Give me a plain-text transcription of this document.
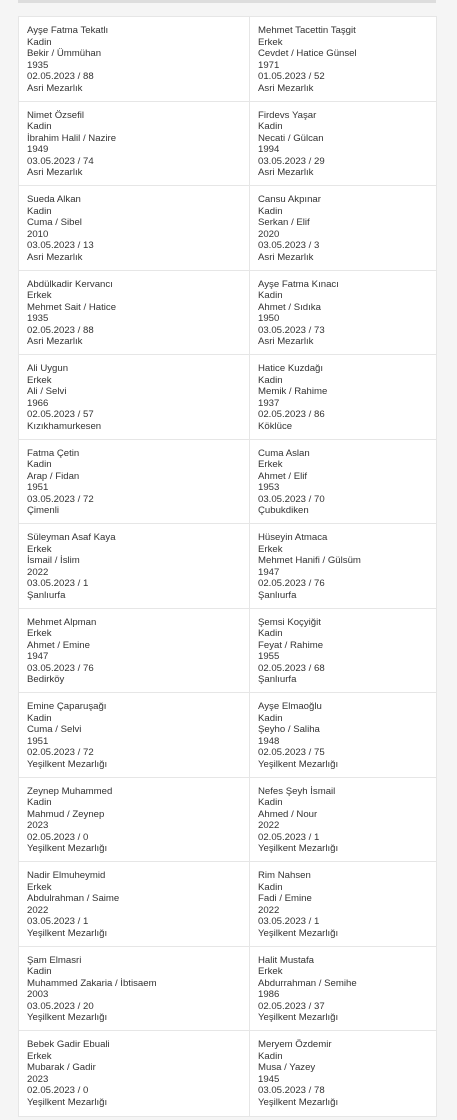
Ayşe Fatma Tekatlı
Kadin
Bekir / Ümmühan
1935
02.05.2023 / 88
Asri Mezarlık
Mehmet Tacettin Taşgit
Erkek
Cevdet / Hatice Günsel
1971
01.05.2023 / 52
Asri Mezarlık
Nimet Özsefil
Kadin
İbrahim Halil / Nazire
1949
03.05.2023 / 74
Asri Mezarlık
Firdevs Yaşar
Kadin
Necati / Gülcan
1994
03.05.2023 / 29
Asri Mezarlık
Sueda Alkan
Kadin
Cuma / Sibel
2010
03.05.2023 / 13
Asri Mezarlık
Cansu Akpınar
Kadin
Serkan / Elif
2020
03.05.2023 / 3
Asri Mezarlık
Abdülkadir Kervancı
Erkek
Mehmet Sait / Hatice
1935
02.05.2023 / 88
Asri Mezarlık
Ayşe Fatma Kınacı
Kadin
Ahmet / Sıdıka
1950
03.05.2023 / 73
Asri Mezarlık
Ali Uygun
Erkek
Ali / Selvi
1966
02.05.2023 / 57
Kızıkhamurkesen
Hatice Kuzdağı
Kadin
Memik / Rahime
1937
02.05.2023 / 86
Köklüce
Fatma Çetin
Kadin
Arap / Fidan
1951
03.05.2023 / 72
Çimenli
Cuma Aslan
Erkek
Ahmet / Elif
1953
03.05.2023 / 70
Çubukdiken
Süleyman Asaf Kaya
Erkek
İsmail / İslim
2022
03.05.2023 / 1
Şanlıurfa
Hüseyin Atmaca
Erkek
Mehmet Hanifi / Gülsüm
1947
02.05.2023 / 76
Şanlıurfa
Mehmet Alpman
Erkek
Ahmet / Emine
1947
03.05.2023 / 76
Bedirköy
Şemsi Koçyiğit
Kadin
Feyat / Rahime
1955
02.05.2023 / 68
Şanlıurfa
Emine Çaparuşağı
Kadin
Cuma / Selvi
1951
02.05.2023 / 72
Yeşilkent Mezarlığı
Ayşe Elmaoğlu
Kadin
Şeyho / Saliha
1948
02.05.2023 / 75
Yeşilkent Mezarlığı
Zeynep Muhammed
Kadin
Mahmud / Zeynep
2023
02.05.2023 / 0
Yeşilkent Mezarlığı
Nefes Şeyh İsmail
Kadin
Ahmed / Nour
2022
02.05.2023 / 1
Yeşilkent Mezarlığı
Nadir Elmuheymid
Erkek
Abdulrahman / Saime
2022
03.05.2023 / 1
Yeşilkent Mezarlığı
Rim Nahsen
Kadin
Fadi / Emine
2022
03.05.2023 / 1
Yeşilkent Mezarlığı
Şam Elmasri
Kadin
Muhammed Zakaria / İbtisaem
2003
03.05.2023 / 20
Yeşilkent Mezarlığı
Halit Mustafa
Erkek
Abdurrahman / Semihe
1986
02.05.2023 / 37
Yeşilkent Mezarlığı
Bebek Gadir Ebuali
Erkek
Mubarak / Gadir
2023
02.05.2023 / 0
Yeşilkent Mezarlığı
Meryem Özdemir
Kadin
Musa / Yazey
1945
03.05.2023 / 78
Yeşilkent Mezarlığı
